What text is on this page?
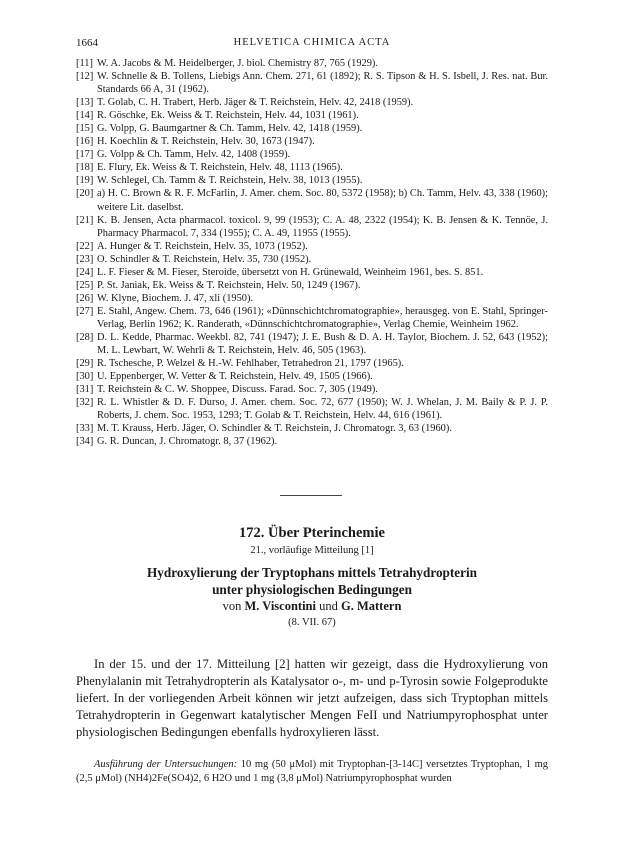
1664	HELVETICA CHIMICA ACTA
[11] W. A. Jacobs & M. Heidelberger, J. biol. Chemistry 87, 765 (1929).
[12] W. Schnelle & B. Tollens, Liebigs Ann. Chem. 271, 61 (1892); R. S. Tipson & H. S. Isbell, J. Res. nat. Bur. Standards 66 A, 31 (1962).
[13] T. Golab, C. H. Trabert, Herb. Jäger & T. Reichstein, Helv. 42, 2418 (1959).
[14] R. Göschke, Ek. Weiss & T. Reichstein, Helv. 44, 1031 (1961).
[15] G. Volpp, G. Baumgartner & Ch. Tamm, Helv. 42, 1418 (1959).
[16] H. Koechlin & T. Reichstein, Helv. 30, 1673 (1947).
[17] G. Volpp & Ch. Tamm, Helv. 42, 1408 (1959).
[18] E. Flury, Ek. Weiss & T. Reichstein, Helv. 48, 1113 (1965).
[19] W. Schlegel, Ch. Tamm & T. Reichstein, Helv. 38, 1013 (1955).
[20] a) H. C. Brown & R. F. McFarlin, J. Amer. chem. Soc. 80, 5372 (1958); b) Ch. Tamm, Helv. 43, 338 (1960); weitere Lit. daselbst.
[21] K. B. Jensen, Acta pharmacol. toxicol. 9, 99 (1953); C. A. 48, 2322 (1954); K. B. Jensen & K. Tennöe, J. Pharmacy Pharmacol. 7, 334 (1955); C. A. 49, 11955 (1955).
[22] A. Hunger & T. Reichstein, Helv. 35, 1073 (1952).
[23] O. Schindler & T. Reichstein, Helv. 35, 730 (1952).
[24] L. F. Fieser & M. Fieser, Steroide, übersetzt von H. Grünewald, Weinheim 1961, bes. S. 851.
[25] P. St. Janiak, Ek. Weiss & T. Reichstein, Helv. 50, 1249 (1967).
[26] W. Klyne, Biochem. J. 47, xli (1950).
[27] E. Stahl, Angew. Chem. 73, 646 (1961); «Dünnschichtchromatographie», herausgeg. von E. Stahl, Springer-Verlag, Berlin 1962; K. Randerath, «Dünnschichtchromatographie», Verlag Chemie, Weinheim 1962.
[28] D. L. Kedde, Pharmac. Weekbl. 82, 741 (1947); J. E. Bush & D. A. H. Taylor, Biochem. J. 52, 643 (1952); M. L. Lewbart, W. Wehrli & T. Reichstein, Helv. 46, 505 (1963).
[29] R. Tschesche, P. Welzel & H.-W. Fehlhaber, Tetrahedron 21, 1797 (1965).
[30] U. Eppenberger, W. Vetter & T. Reichstein, Helv. 49, 1505 (1966).
[31] T. Reichstein & C. W. Shoppee, Discuss. Farad. Soc. 7, 305 (1949).
[32] R. L. Whistler & D. F. Durso, J. Amer. chem. Soc. 72, 677 (1950); W. J. Whelan, J. M. Baily & P. J. P. Roberts, J. chem. Soc. 1953, 1293; T. Golab & T. Reichstein, Helv. 44, 616 (1961).
[33] M. T. Krauss, Herb. Jäger, O. Schindler & T. Reichstein, J. Chromatogr. 3, 63 (1960).
[34] G. R. Duncan, J. Chromatogr. 8, 37 (1962).
172. Über Pterinchemie
21., vorläufige Mitteilung [1]
Hydroxylierung der Tryptophans mittels Tetrahydropterin
unter physiologischen Bedingungen
von M. Viscontini und G. Mattern
(8. VII. 67)

In der 15. und der 17. Mitteilung [2] hatten wir gezeigt, dass die Hydroxylierung von Phenylalanin mit Tetrahydropterin als Katalysator o-, m- und p-Tyrosin sowie Folgeprodukte liefert. In der vorliegenden Arbeit können wir jetzt aufzeigen, dass sich Tryptophan mittels Tetrahydropterin in Gegenwart katalytischer Mengen FeII und Natriumpyrophosphat unter physiologischen Bedingungen ebenfalls hydroxylieren lässt.

Ausführung der Untersuchungen: 10 mg (50 μMol) mit Tryptophan-[3-14C] versetztes Tryptophan, 1 mg (2,5 μMol) (NH4)2Fe(SO4)2, 6 H2O und 1 mg (3,8 μMol) Natriumpyrophosphat wurden
